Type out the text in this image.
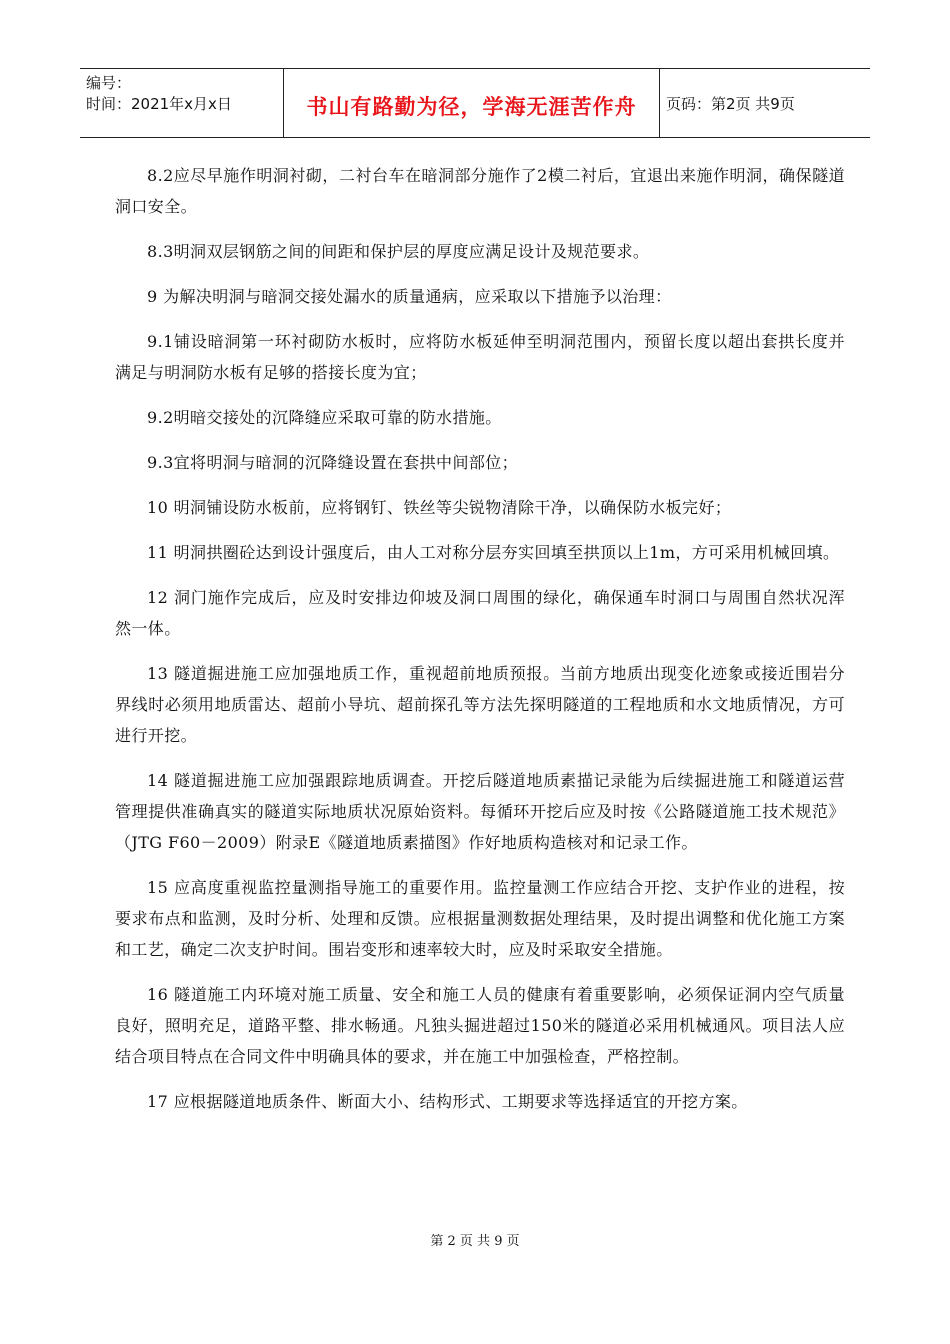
编号：
时间：2021年x月x日	书山有路勤为径，学海无涯苦作舟	页码：第2页 共9页

8.2应尽早施作明洞衬砌，二衬台车在暗洞部分施作了2模二衬后，宜退出来施作明洞，确保隧道洞口安全。

8.3明洞双层钢筋之间的间距和保护层的厚度应满足设计及规范要求。

9 为解决明洞与暗洞交接处漏水的质量通病，应采取以下措施予以治理：

9.1铺设暗洞第一环衬砌防水板时，应将防水板延伸至明洞范围内，预留长度以超出套拱长度并满足与明洞防水板有足够的搭接长度为宜；

9.2明暗交接处的沉降缝应采取可靠的防水措施。

9.3宜将明洞与暗洞的沉降缝设置在套拱中间部位；

10 明洞铺设防水板前，应将钢钉、铁丝等尖锐物清除干净，以确保防水板完好；

11 明洞拱圈砼达到设计强度后，由人工对称分层夯实回填至拱顶以上1m，方可采用机械回填。

12 洞门施作完成后，应及时安排边仰坡及洞口周围的绿化，确保通车时洞口与周围自然状况浑然一体。

13 隧道掘进施工应加强地质工作，重视超前地质预报。当前方地质出现变化迹象或接近围岩分界线时必须用地质雷达、超前小导坑、超前探孔等方法先探明隧道的工程地质和水文地质情况，方可进行开挖。

14 隧道掘进施工应加强跟踪地质调查。开挖后隧道地质素描记录能为后续掘进施工和隧道运营管理提供准确真实的隧道实际地质状况原始资料。每循环开挖后应及时按《公路隧道施工技术规范》（JTG F60－2009）附录E《隧道地质素描图》作好地质构造核对和记录工作。

15 应高度重视监控量测指导施工的重要作用。监控量测工作应结合开挖、支护作业的进程，按要求布点和监测，及时分析、处理和反馈。应根据量测数据处理结果，及时提出调整和优化施工方案和工艺，确定二次支护时间。围岩变形和速率较大时，应及时采取安全措施。

16 隧道施工内环境对施工质量、安全和施工人员的健康有着重要影响，必须保证洞内空气质量良好，照明充足，道路平整、排水畅通。凡独头掘进超过150米的隧道必采用机械通风。项目法人应结合项目特点在合同文件中明确具体的要求，并在施工中加强检查，严格控制。

17 应根据隧道地质条件、断面大小、结构形式、工期要求等选择适宜的开挖方案。

第 2 页 共 9 页
